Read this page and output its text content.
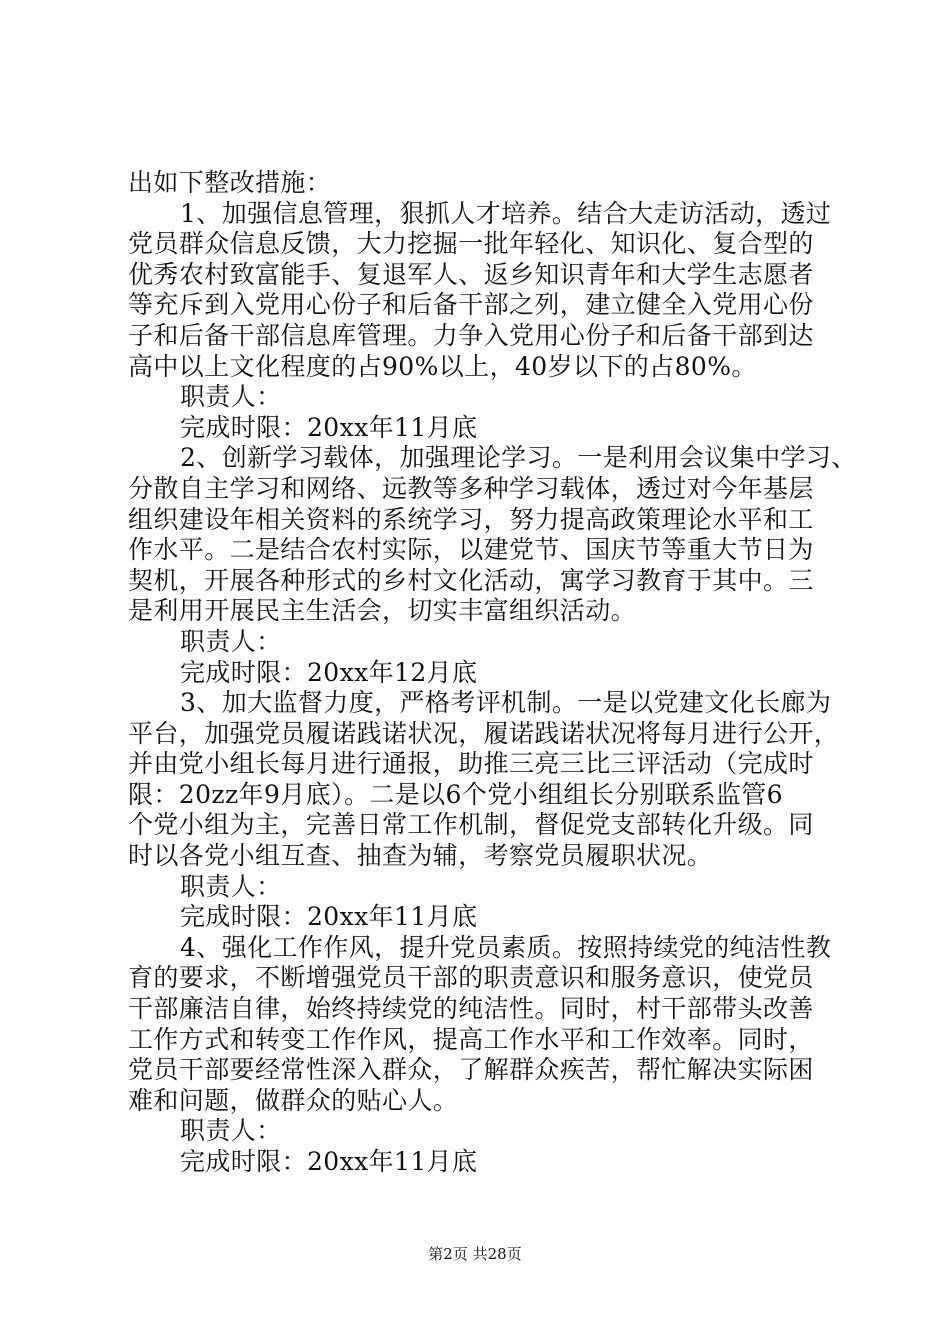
出如下整改措施：
1、加强信息管理，狠抓人才培养。结合大走访活动，透过
党员群众信息反馈，大力挖掘一批年轻化、知识化、复合型的
优秀农村致富能手、复退军人、返乡知识青年和大学生志愿者
等充斥到入党用心份子和后备干部之列，建立健全入党用心份
子和后备干部信息库管理。力争入党用心份子和后备干部到达
高中以上文化程度的占90%以上，40岁以下的占80%。
职责人：
完成时限：20xx年11月底
2、创新学习载体，加强理论学习。一是利用会议集中学习、
分散自主学习和网络、远教等多种学习载体，透过对今年基层
组织建设年相关资料的系统学习，努力提高政策理论水平和工
作水平。二是结合农村实际，以建党节、国庆节等重大节日为
契机，开展各种形式的乡村文化活动，寓学习教育于其中。三
是利用开展民主生活会，切实丰富组织活动。
职责人：
完成时限：20xx年12月底
3、加大监督力度，严格考评机制。一是以党建文化长廊为
平台，加强党员履诺践诺状况，履诺践诺状况将每月进行公开，
并由党小组长每月进行通报，助推三亮三比三评活动（完成时
限：20zz年9月底）。二是以6个党小组组长分别联系监管6
个党小组为主，完善日常工作机制，督促党支部转化升级。同
时以各党小组互查、抽查为辅，考察党员履职状况。
职责人：
完成时限：20xx年11月底
4、强化工作作风，提升党员素质。按照持续党的纯洁性教
育的要求，不断增强党员干部的职责意识和服务意识，使党员
干部廉洁自律，始终持续党的纯洁性。同时，村干部带头改善
工作方式和转变工作作风，提高工作水平和工作效率。同时，
党员干部要经常性深入群众，了解群众疾苦，帮忙解决实际困
难和问题，做群众的贴心人。
职责人：
完成时限：20xx年11月底
第2页 共28页
